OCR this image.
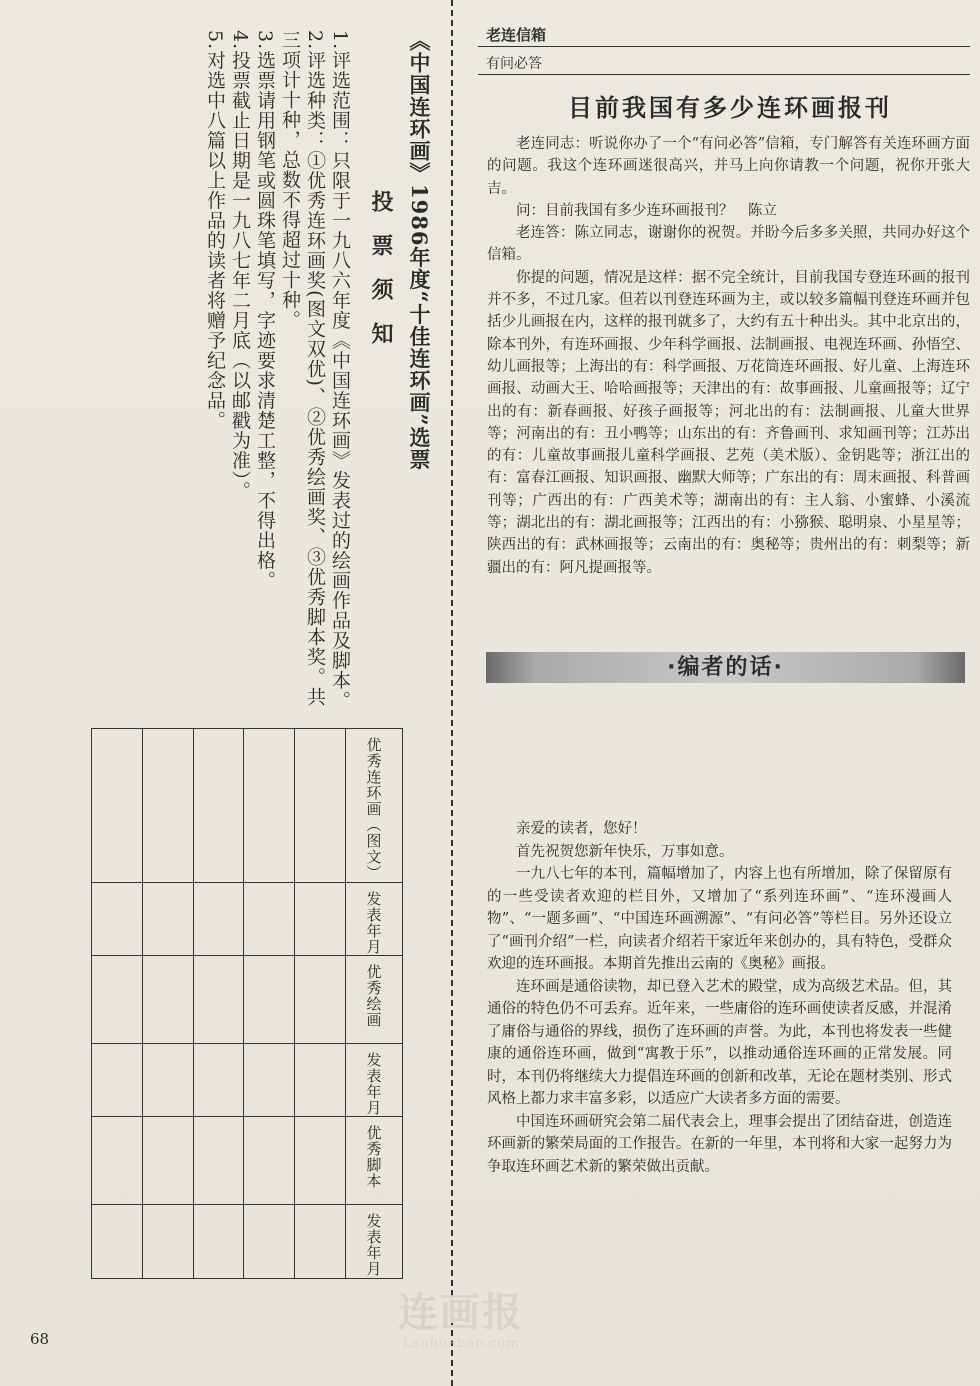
《中国连环画》1986年度“十佳连环画”选票
投票须知

1.评选范围：只限于一九八六年度《中国连环画》发表过的绘画作品及脚本。

2.评选种类：①优秀连环画奖(图文双优)、②优秀绘画奖、③优秀脚本奖。共三项计十种，总数不得超过十种。

3.选票请用钢笔或圆珠笔填写，字迹要求清楚工整，不得出格。

4.投票截止日期是一九八七年二月底（以邮戳为准）。

5.对选中八篇以上作品的读者将赠予纪念品。

					优秀连环画（图文）
					发表年月
					优秀绘画
					发表年月
					优秀脚本
					发表年月
老连信箱
有问必答
目前我国有多少连环画报刊

老连同志：听说你办了一个“有问必答”信箱，专门解答有关连环画方面的问题。我这个连环画迷很高兴，并马上向你请教一个问题，祝你开张大吉。

问：目前我国有多少连环画报刊？　陈立

老连答：陈立同志，谢谢你的祝贺。并盼今后多多关照，共同办好这个信箱。

你提的问题，情况是这样：据不完全统计，目前我国专登连环画的报刊并不多，不过几家。但若以刊登连环画为主，或以较多篇幅刊登连环画并包括少儿画报在内，这样的报刊就多了，大约有五十种出头。其中北京出的，除本刊外，有连环画报、少年科学画报、法制画报、电视连环画、孙悟空、幼儿画报等；上海出的有：科学画报、万花筒连环画报、好儿童、上海连环画报、动画大王、哈哈画报等；天津出的有：故事画报、儿童画报等；辽宁出的有：新春画报、好孩子画报等；河北出的有：法制画报、儿童大世界等；河南出的有：丑小鸭等；山东出的有：齐鲁画刊、求知画刊等；江苏出的有：儿童故事画报儿童科学画报、艺苑（美术版）、金钥匙等；浙江出的有：富春江画报、知识画报、幽默大师等；广东出的有：周末画报、科普画刊等；广西出的有：广西美术等；湖南出的有：主人翁、小蜜蜂、小溪流等；湖北出的有：湖北画报等；江西出的有：小猕猴、聪明泉、小星星等；陕西出的有：武林画报等；云南出的有：奥秘等；贵州出的有：刺梨等；新疆出的有：阿凡提画报等。

·编者的话·

亲爱的读者，您好！

首先祝贺您新年快乐，万事如意。

一九八七年的本刊，篇幅增加了，内容上也有所增加，除了保留原有的一些受读者欢迎的栏目外，又增加了“系列连环画”、“连环漫画人物”、“一题多画”、“中国连环画溯源”、“有问必答”等栏目。另外还设立了“画刊介绍”一栏，向读者介绍若干家近年来创办的，具有特色，受群众欢迎的连环画报。本期首先推出云南的《奥秘》画报。

连环画是通俗读物，却已登入艺术的殿堂，成为高级艺术品。但，其通俗的特色仍不可丢弃。近年来，一些庸俗的连环画使读者反感，并混淆了庸俗与通俗的界线，损伤了连环画的声誉。为此，本刊也将发表一些健康的通俗连环画，做到“寓教于乐”，以推动通俗连环画的正常发展。同时，本刊仍将继续大力提倡连环画的创新和改革，无论在题材类别、形式风格上都力求丰富多彩，以适应广大读者多方面的需要。

中国连环画研究会第二届代表会上，理事会提出了团结奋进，创造连环画新的繁荣局面的工作报告。在新的一年里，本刊将和大家一起努力为争取连环画艺术新的繁荣做出贡献。

68
连画报
Laohuabao.com
